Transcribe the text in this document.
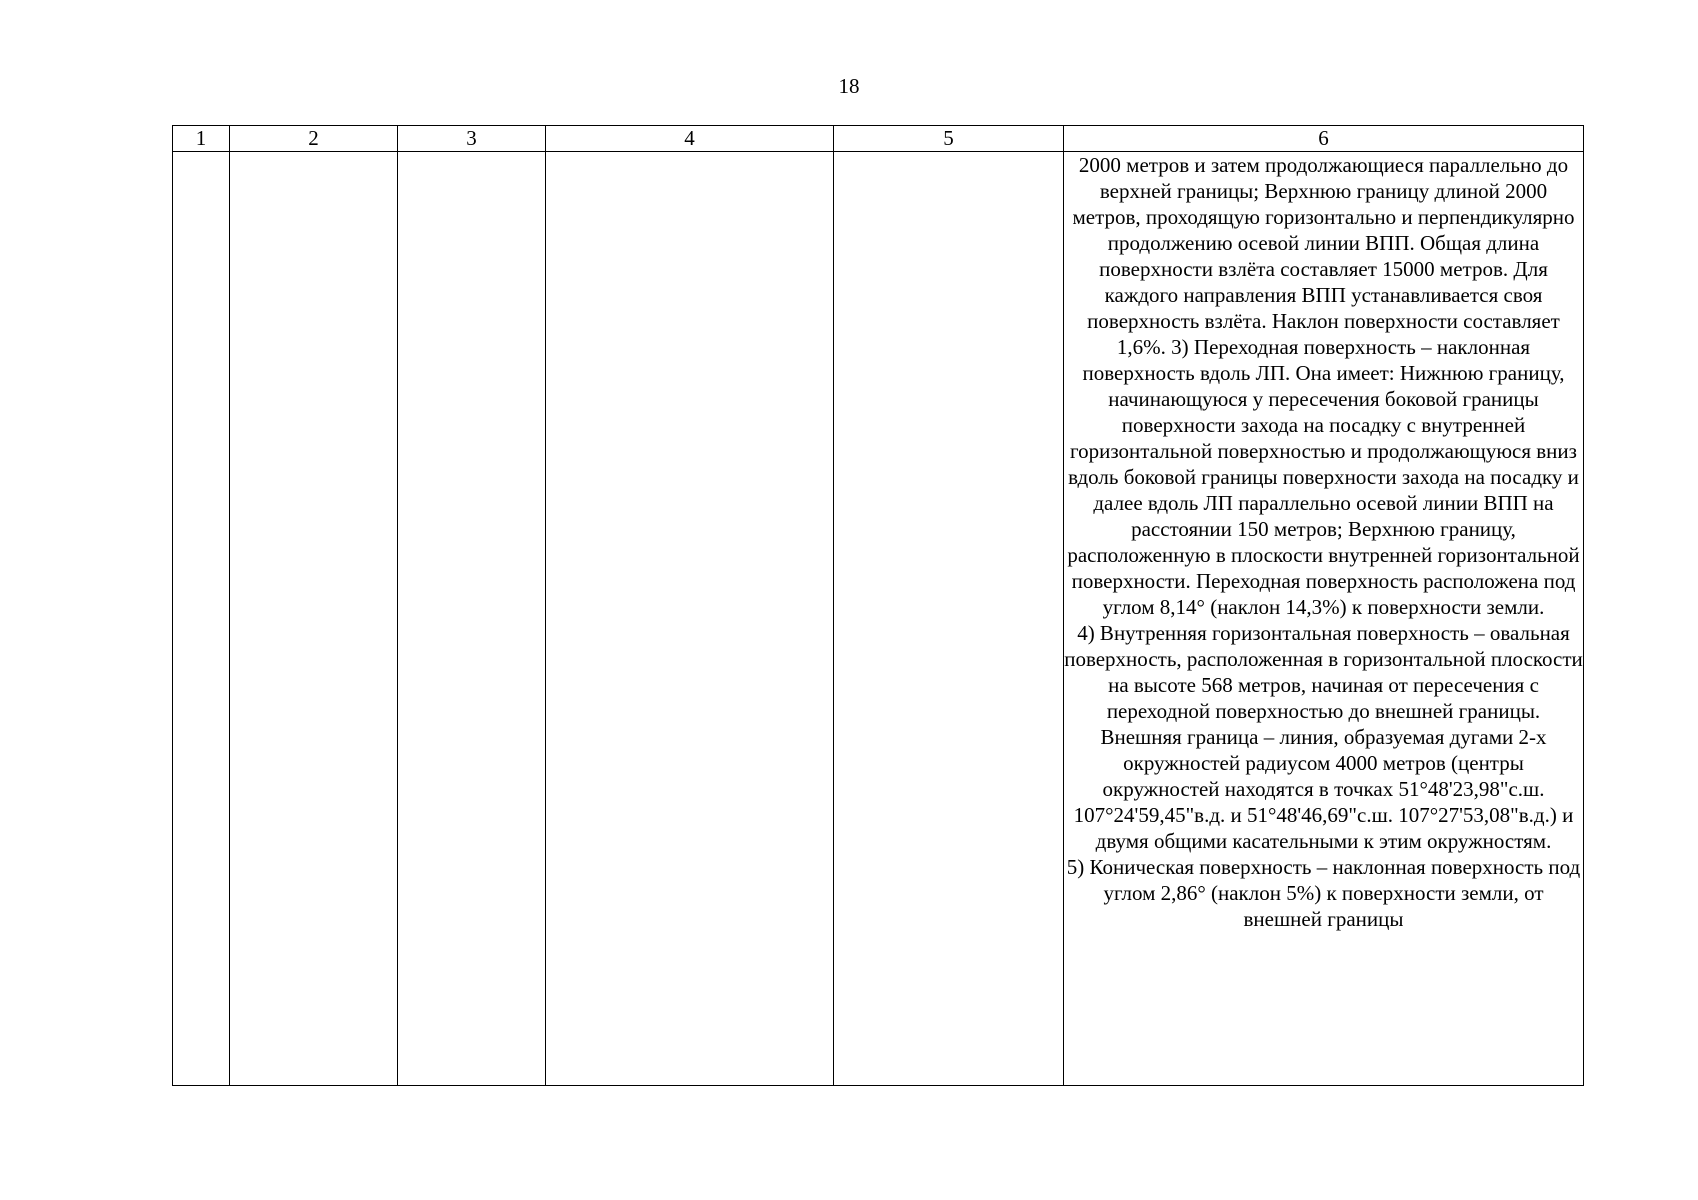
18
1	2	3	4	5	6

					2000 метров и затем продолжающиеся параллельно до верхней границы; Верхнюю границу длиной 2000 метров, проходящую горизонтально и перпендикулярно продолжению осевой линии ВПП. Общая длина поверхности взлёта составляет 15000 метров. Для каждого направления ВПП устанавливается своя поверхность взлёта. Наклон поверхности составляет 1,6%. 3) Переходная поверхность – наклонная поверхность вдоль ЛП. Она имеет: Нижнюю границу, начинающуюся у пересечения боковой границы поверхности захода на посадку с внутренней горизонтальной поверхностью и продолжающуюся вниз вдоль боковой границы поверхности захода на посадку и далее вдоль ЛП параллельно осевой линии ВПП на расстоянии 150 метров; Верхнюю границу, расположенную в плоскости внутренней горизонтальной поверхности. Переходная поверхность расположена под углом 8,14° (наклон 14,3%) к поверхности земли.
4) Внутренняя горизонтальная поверхность – овальная поверхность, расположенная в горизонтальной плоскости на высоте 568 метров, начиная от пересечения с переходной поверхностью до внешней границы. Внешняя граница – линия, образуемая дугами 2-х окружностей радиусом 4000 метров (центры окружностей находятся в точках 51°48'23,98"с.ш. 107°24'59,45"в.д. и 51°48'46,69"с.ш. 107°27'53,08"в.д.) и двумя общими касательными к этим окружностям.
5) Коническая поверхность – наклонная поверхность под углом 2,86° (наклон 5%) к поверхности земли, от внешней границы
